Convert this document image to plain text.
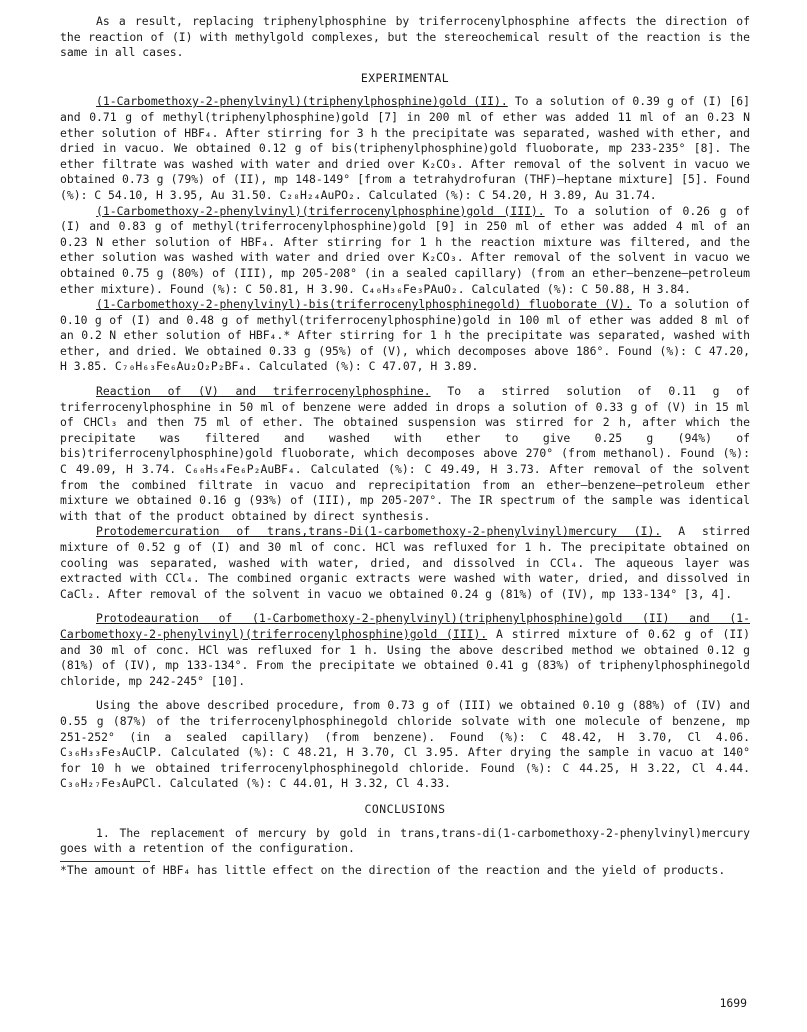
As a result, replacing triphenylphosphine by triferrocenylphosphine affects the direction of the reaction of (I) with methylgold complexes, but the stereochemical result of the reaction is the same in all cases.

EXPERIMENTAL

(1-Carbomethoxy-2-phenylvinyl)(triphenylphosphine)gold (II). To a solution of 0.39 g of (I) [6] and 0.71 g of methyl(triphenylphosphine)gold [7] in 200 ml of ether was added 11 ml of an 0.23 N ether solution of HBF₄. After stirring for 3 h the precipitate was separated, washed with ether, and dried in vacuo. We obtained 0.12 g of bis(triphenylphosphine)gold fluoborate, mp 233-235° [8]. The ether filtrate was washed with water and dried over K₂CO₃. After removal of the solvent in vacuo we obtained 0.73 g (79%) of (II), mp 148-149° [from a tetrahydrofuran (THF)—heptane mixture] [5]. Found (%): C 54.10, H 3.95, Au 31.50. C₂₈H₂₄AuPO₂. Calculated (%): C 54.20, H 3.89, Au 31.74.

(1-Carbomethoxy-2-phenylvinyl)(triferrocenylphosphine)gold (III). To a solution of 0.26 g of (I) and 0.83 g of methyl(triferrocenylphosphine)gold [9] in 250 ml of ether was added 4 ml of an 0.23 N ether solution of HBF₄. After stirring for 1 h the reaction mixture was filtered, and the ether solution was washed with water and dried over K₂CO₃. After removal of the solvent in vacuo we obtained 0.75 g (80%) of (III), mp 205-208° (in a sealed capillary) (from an ether—benzene—petroleum ether mixture). Found (%): C 50.81, H 3.90. C₄₀H₃₆Fe₃PAuO₂. Calculated (%): C 50.88, H 3.84.

(1-Carbomethoxy-2-phenylvinyl)-bis(triferrocenylphosphinegold) fluoborate (V). To a solution of 0.10 g of (I) and 0.48 g of methyl(triferrocenylphosphine)gold in 100 ml of ether was added 8 ml of an 0.2 N ether solution of HBF₄.* After stirring for 1 h the precipitate was separated, washed with ether, and dried. We obtained 0.33 g (95%) of (V), which decomposes above 186°. Found (%): C 47.20, H 3.85. C₇₀H₆₃Fe₆Au₂O₂P₂BF₄. Calculated (%): C 47.07, H 3.89.

Reaction of (V) and triferrocenylphosphine. To a stirred solution of 0.11 g of triferrocenylphosphine in 50 ml of benzene were added in drops a solution of 0.33 g of (V) in 15 ml of CHCl₃ and then 75 ml of ether. The obtained suspension was stirred for 2 h, after which the precipitate was filtered and washed with ether to give 0.25 g (94%) of bis)triferrocenylphosphine)gold fluoborate, which decomposes above 270° (from methanol). Found (%): C 49.09, H 3.74. C₆₀H₅₄Fe₆P₂AuBF₄. Calculated (%): C 49.49, H 3.73. After removal of the solvent from the combined filtrate in vacuo and reprecipitation from an ether—benzene—petroleum ether mixture we obtained 0.16 g (93%) of (III), mp 205-207°. The IR spectrum of the sample was identical with that of the product obtained by direct synthesis.

Protodemercuration of trans,trans-Di(1-carbomethoxy-2-phenylvinyl)mercury (I). A stirred mixture of 0.52 g of (I) and 30 ml of conc. HCl was refluxed for 1 h. The precipitate obtained on cooling was separated, washed with water, dried, and dissolved in CCl₄. The aqueous layer was extracted with CCl₄. The combined organic extracts were washed with water, dried, and dissolved in CaCl₂. After removal of the solvent in vacuo we obtained 0.24 g (81%) of (IV), mp 133-134° [3, 4].

Protodeauration of (1-Carbomethoxy-2-phenylvinyl)(triphenylphosphine)gold (II) and (1-Carbomethoxy-2-phenylvinyl)(triferrocenylphosphine)gold (III). A stirred mixture of 0.62 g of (II) and 30 ml of conc. HCl was refluxed for 1 h. Using the above described method we obtained 0.12 g (81%) of (IV), mp 133-134°. From the precipitate we obtained 0.41 g (83%) of triphenylphosphinegold chloride, mp 242-245° [10].

Using the above described procedure, from 0.73 g of (III) we obtained 0.10 g (88%) of (IV) and 0.55 g (87%) of the triferrocenylphosphinegold chloride solvate with one molecule of benzene, mp 251-252° (in a sealed capillary) (from benzene). Found (%): C 48.42, H 3.70, Cl 4.06. C₃₆H₃₃Fe₃AuClP. Calculated (%): C 48.21, H 3.70, Cl 3.95. After drying the sample in vacuo at 140° for 10 h we obtained triferrocenylphosphinegold chloride. Found (%): C 44.25, H 3.22, Cl 4.44. C₃₀H₂₇Fe₃AuPCl. Calculated (%): C 44.01, H 3.32, Cl 4.33.

CONCLUSIONS

1. The replacement of mercury by gold in trans,trans-di(1-carbomethoxy-2-phenylvinyl)mercury goes with a retention of the configuration.

*The amount of HBF₄ has little effect on the direction of the reaction and the yield of products.

1699
